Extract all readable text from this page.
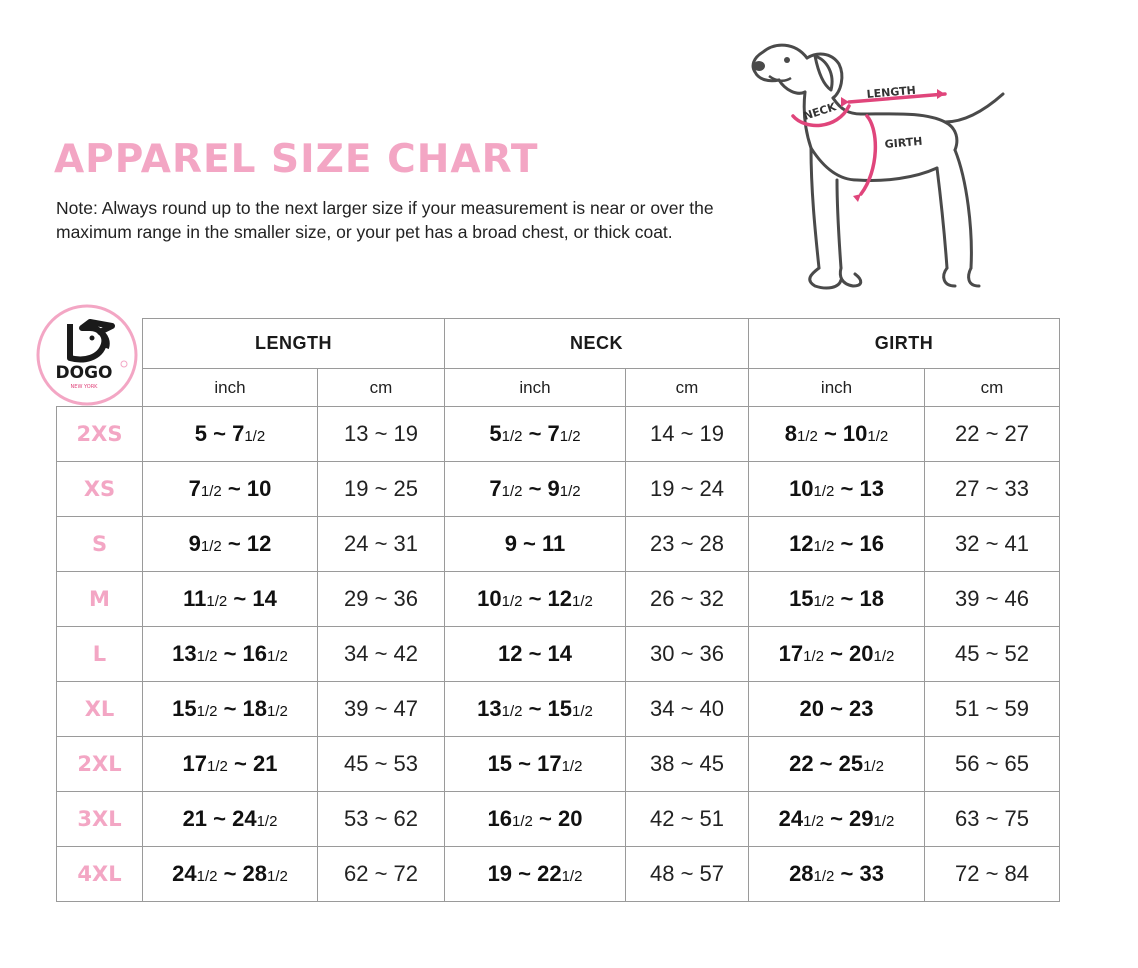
APPAREL SIZE CHART
Note: Always round up to the next larger size if your measurement is near or over the maximum range in the smaller size, or your pet has a broad chest, or thick coat.
NECK
LENGTH
GIRTH
DOGO
NEW YORK
	LENGTH		NECK		GIRTH	
	inch	cm	inch	cm	inch	cm
2XS	5 ~ 71/2	13 ~ 19	51/2 ~ 71/2	14 ~ 19	81/2 ~ 101/2	22 ~ 27
XS	71/2 ~ 10	19 ~ 25	71/2 ~ 91/2	19 ~ 24	101/2 ~ 13	27 ~ 33
S	91/2 ~ 12	24 ~ 31	9 ~ 11	23 ~ 28	121/2 ~ 16	32 ~ 41
M	111/2 ~ 14	29 ~ 36	101/2 ~ 121/2	26 ~ 32	151/2 ~ 18	39 ~ 46
L	131/2 ~ 161/2	34 ~ 42	12 ~ 14	30 ~ 36	171/2 ~ 201/2	45 ~ 52
XL	151/2 ~ 181/2	39 ~ 47	131/2 ~ 151/2	34 ~ 40	20 ~ 23	51 ~ 59
2XL	171/2 ~ 21	45 ~ 53	15 ~ 171/2	38 ~ 45	22 ~ 251/2	56 ~ 65
3XL	21 ~ 241/2	53 ~ 62	161/2 ~ 20	42 ~ 51	241/2 ~ 291/2	63 ~ 75
4XL	241/2 ~ 281/2	62 ~ 72	19 ~ 221/2	48 ~ 57	281/2 ~ 33	72 ~ 84
